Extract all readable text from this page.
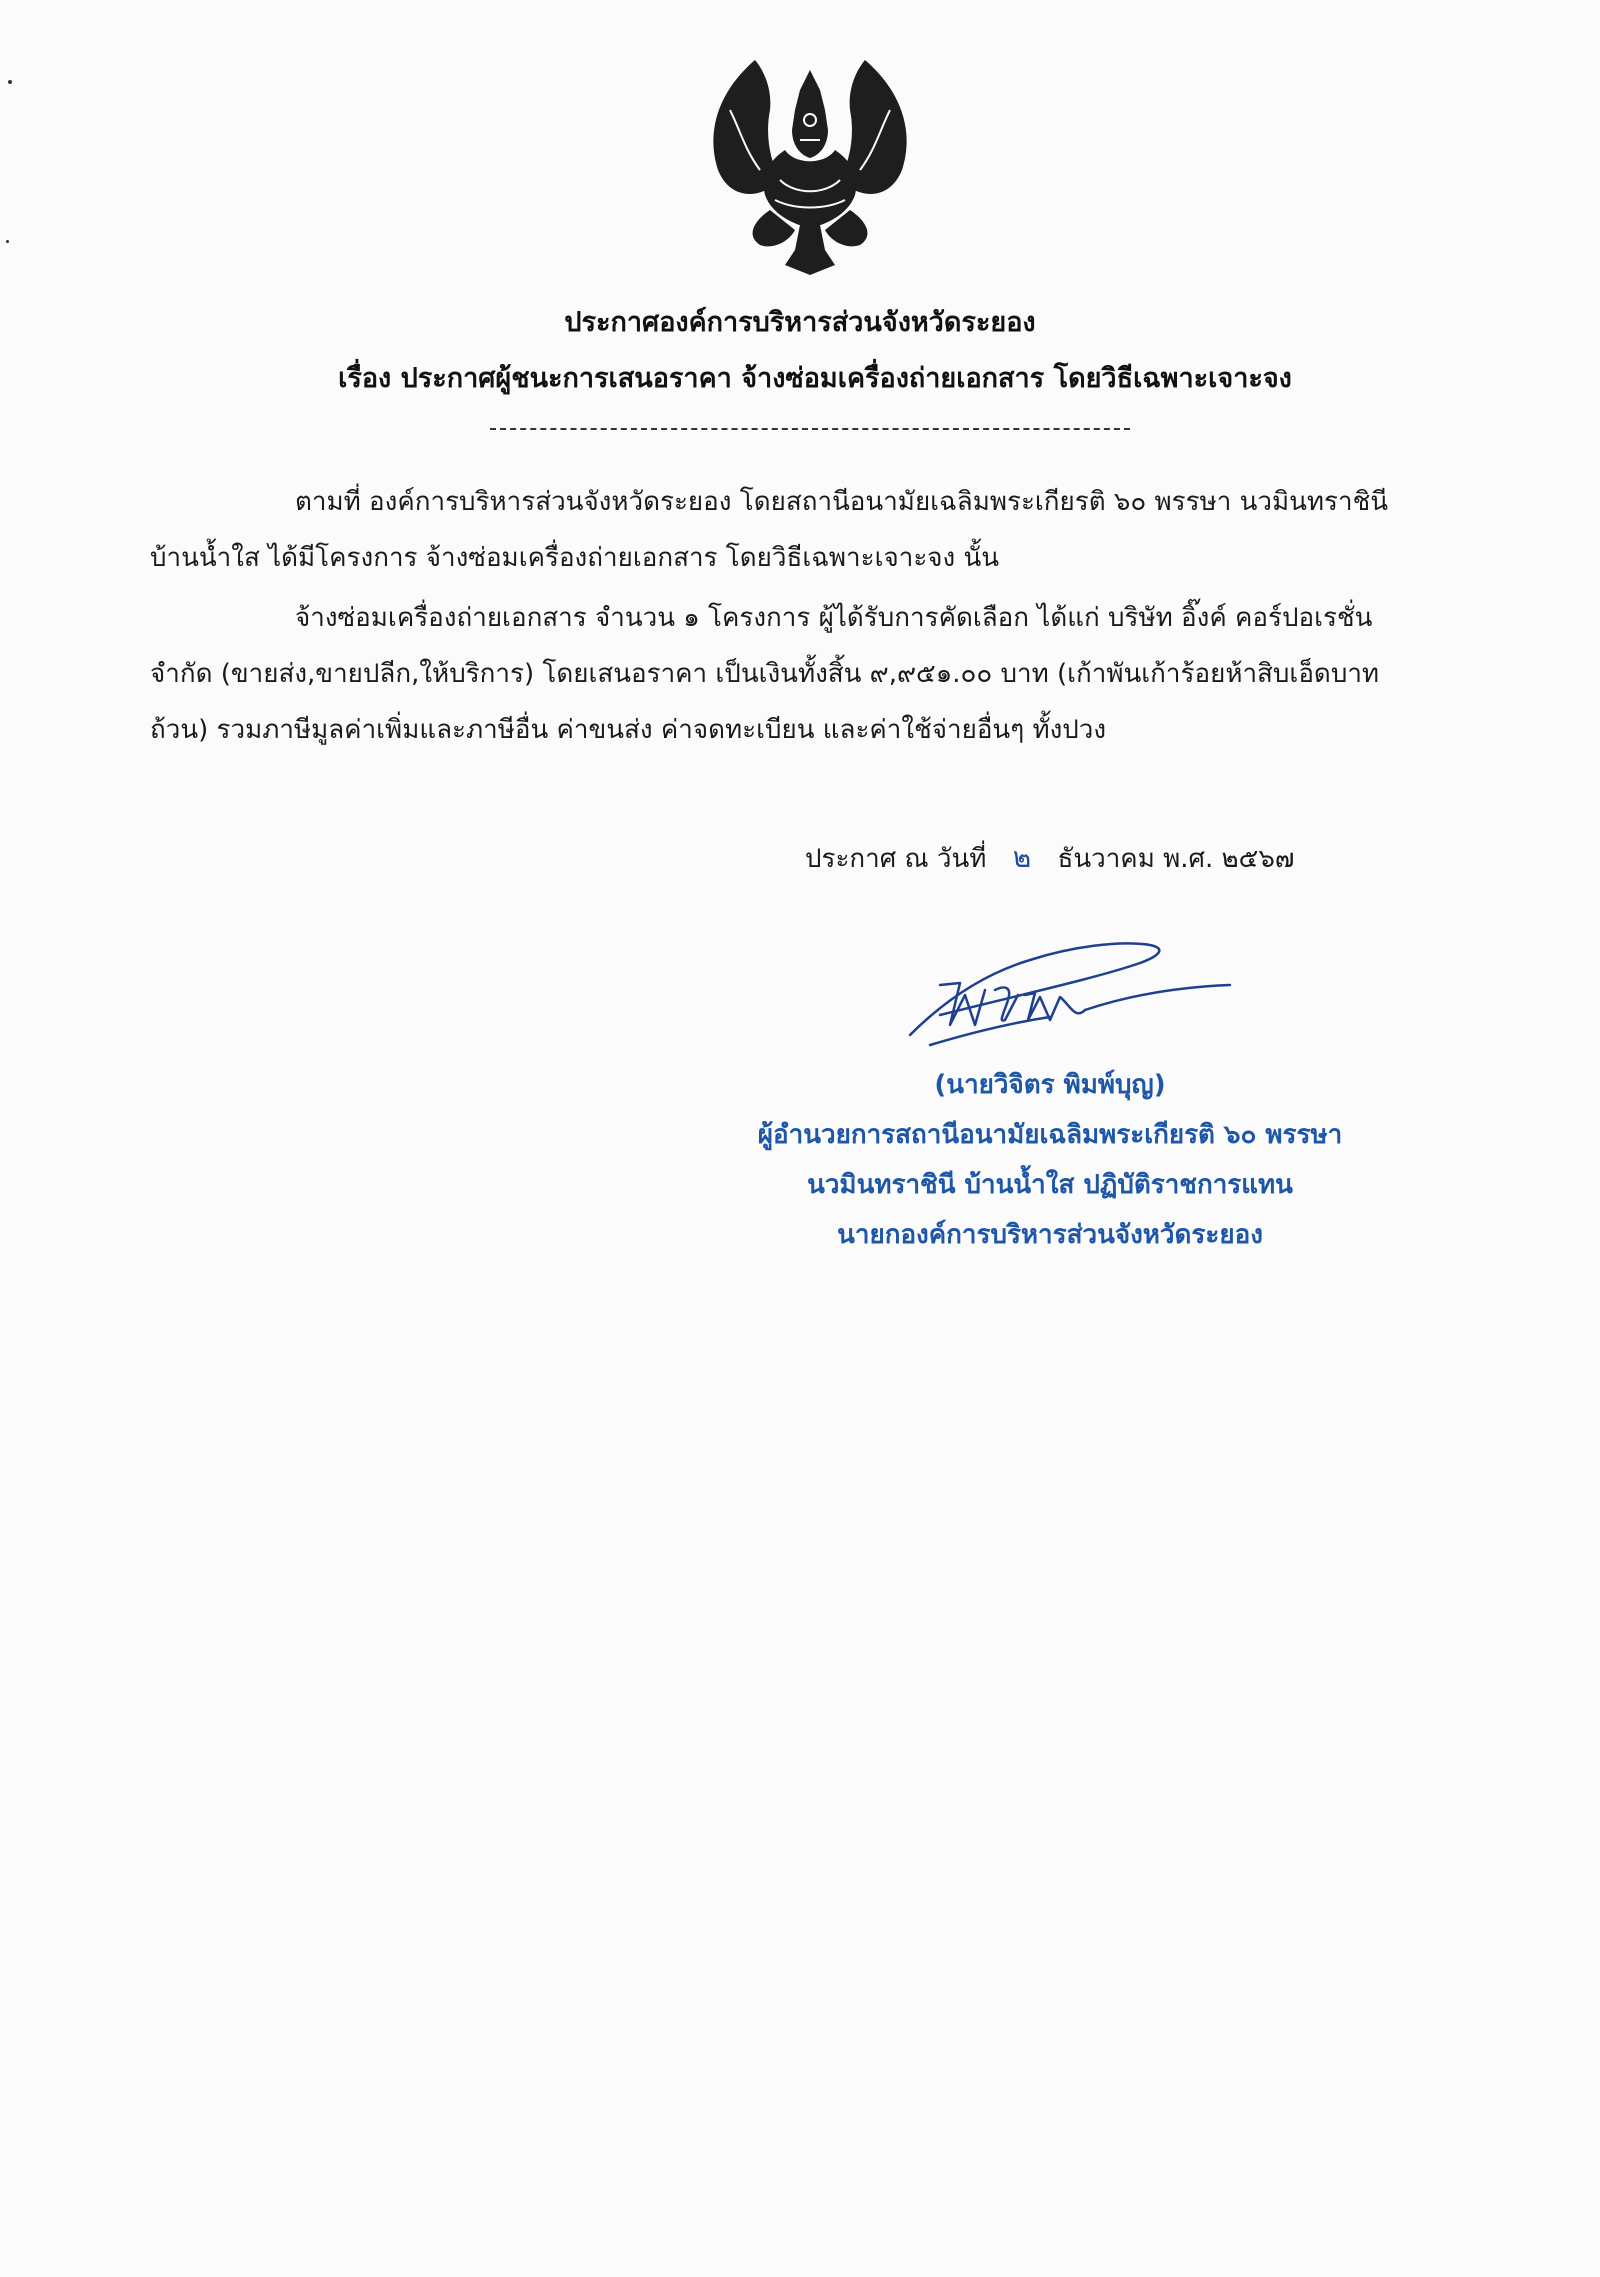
ประกาศองค์การบริหารส่วนจังหวัดระยอง
เรื่อง ประกาศผู้ชนะการเสนอราคา จ้างซ่อมเครื่องถ่ายเอกสาร โดยวิธีเฉพาะเจาะจง

ตามที่ องค์การบริหารส่วนจังหวัดระยอง โดยสถานีอนามัยเฉลิมพระเกียรติ ๖๐ พรรษา นวมินทราชินี บ้านน้ำใส ได้มีโครงการ จ้างซ่อมเครื่องถ่ายเอกสาร โดยวิธีเฉพาะเจาะจง นั้น

จ้างซ่อมเครื่องถ่ายเอกสาร จำนวน ๑ โครงการ ผู้ได้รับการคัดเลือก ได้แก่ บริษัท อิ๊งค์ คอร์ปอเรชั่น จำกัด (ขายส่ง,ขายปลีก,ให้บริการ) โดยเสนอราคา เป็นเงินทั้งสิ้น ๙,๙๕๑.๐๐ บาท (เก้าพันเก้าร้อยห้าสิบเอ็ดบาทถ้วน) รวมภาษีมูลค่าเพิ่มและภาษีอื่น ค่าขนส่ง ค่าจดทะเบียน และค่าใช้จ่ายอื่นๆ ทั้งปวง

ประกาศ ณ วันที่ ๒ ธันวาคม พ.ศ. ๒๕๖๗
(นายวิจิตร พิมพ์บุญ)
ผู้อำนวยการสถานีอนามัยเฉลิมพระเกียรติ ๖๐ พรรษา
นวมินทราชินี บ้านน้ำใส ปฏิบัติราชการแทน
นายกองค์การบริหารส่วนจังหวัดระยอง
